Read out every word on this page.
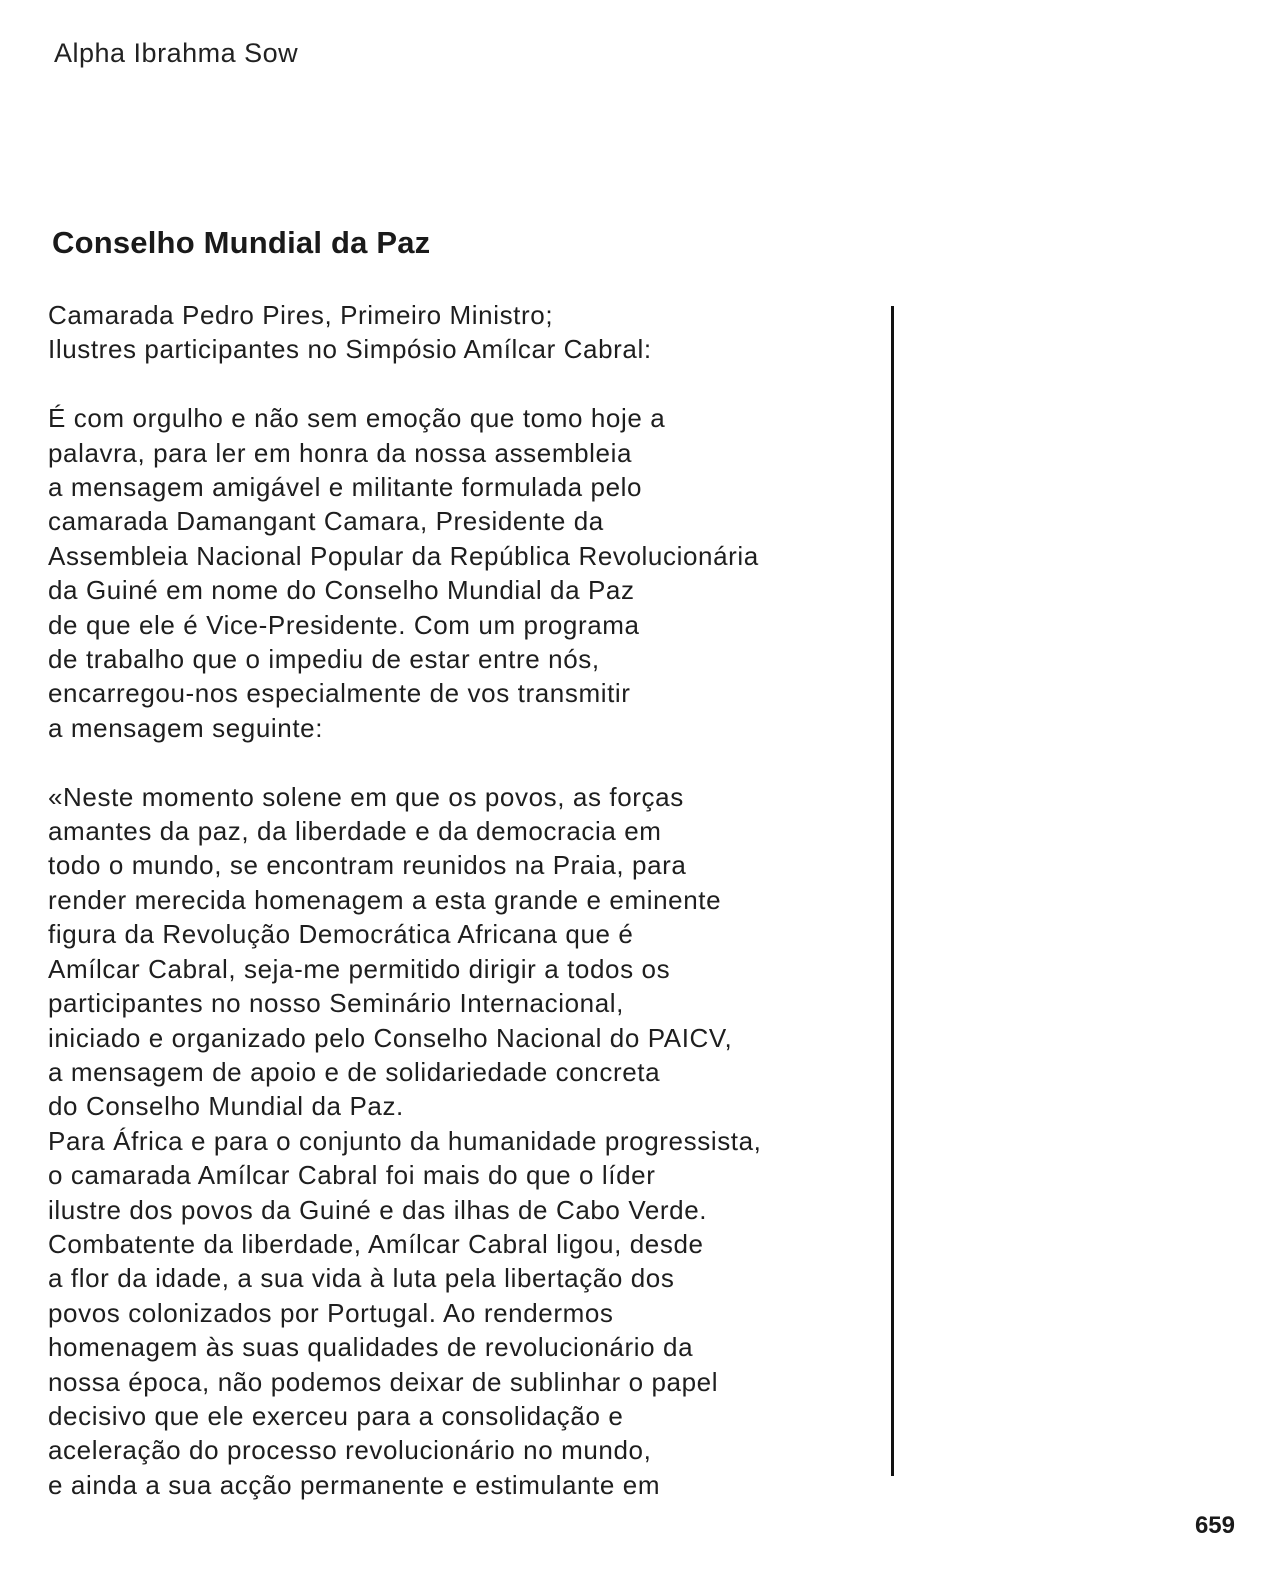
Alpha Ibrahma Sow
Conselho Mundial da Paz
Camarada Pedro Pires, Primeiro Ministro;
Ilustres participantes no Simpósio Amílcar Cabral:
É com orgulho e não sem emoção que tomo hoje a
palavra, para ler em honra da nossa assembleia
a mensagem amigável e militante formulada pelo
camarada Damangant Camara, Presidente da
Assembleia Nacional Popular da República Revolucionária
da Guiné em nome do Conselho Mundial da Paz
de que ele é Vice-Presidente. Com um programa
de trabalho que o impediu de estar entre nós,
encarregou-nos especialmente de vos transmitir
a mensagem seguinte:
«Neste momento solene em que os povos, as forças
amantes da paz, da liberdade e da democracia em
todo o mundo, se encontram reunidos na Praia, para
render merecida homenagem a esta grande e eminente
figura da Revolução Democrática Africana que é
Amílcar Cabral, seja-me permitido dirigir a todos os
participantes no nosso Seminário Internacional,
iniciado e organizado pelo Conselho Nacional do PAICV,
a mensagem de apoio e de solidariedade concreta
do Conselho Mundial da Paz.
Para África e para o conjunto da humanidade progressista,
o camarada Amílcar Cabral foi mais do que o líder
ilustre dos povos da Guiné e das ilhas de Cabo Verde.
Combatente da liberdade, Amílcar Cabral ligou, desde
a flor da idade, a sua vida à luta pela libertação dos
povos colonizados por Portugal. Ao rendermos
homenagem às suas qualidades de revolucionário da
nossa época, não podemos deixar de sublinhar o papel
decisivo que ele exerceu para a consolidação e
aceleração do processo revolucionário no mundo,
e ainda a sua acção permanente e estimulante em
659
